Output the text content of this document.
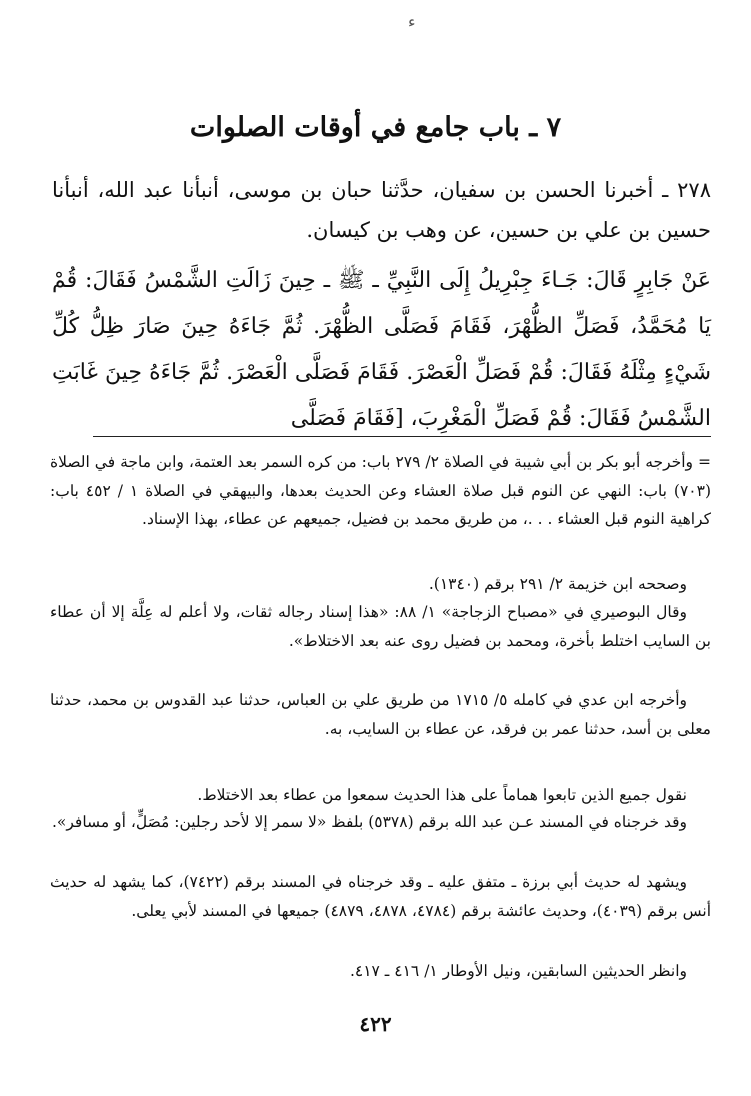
ﺀ
٧ ـ باب جامع في أوقات الصلوات
٢٧٨ ـ أخبرنا الحسن بن سفيان، حدَّثنا حبان بن موسى، أنبأنا عبد الله، أنبأنا حسين بن علي بن حسين، عن وهب بن كيسان.
عَنْ جَابِرٍ قَالَ: جَـاءَ جِبْرِيلُ إِلَى النَّبِيِّ ـ ﷺ ـ حِينَ زَالَتِ الشَّمْسُ فَقَالَ: قُمْ يَا مُحَمَّدُ، فَصَلِّ الظُّهْرَ، فَقَامَ فَصَلَّى الظُّهْرَ. ثُمَّ جَاءَهُ حِينَ صَارَ ظِلُّ كُلِّ شَيْءٍ مِثْلَهُ فَقَالَ: قُمْ فَصَلِّ الْعَصْرَ. فَقَامَ فَصَلَّى الْعَصْرَ. ثُمَّ جَاءَهُ حِينَ غَابَتِ الشَّمْسُ فَقَالَ: قُمْ فَصَلِّ الْمَغْرِبَ، [فَقَامَ فَصَلَّى

= وأخرجه أبو بكر بن أبي شيبة في الصلاة ٢/ ٢٧٩ باب: من كره السمر بعد العتمة، وابن ماجة في الصلاة (٧٠٣) باب: النهي عن النوم قبل صلاة العشاء وعن الحديث بعدها، والبيهقي في الصلاة ١ / ٤٥٢ باب: كراهية النوم قبل العشاء . . .، من طريق محمد بن فضيل، جميعهم عن عطاء، بهذا الإسناد.

وصححه ابن خزيمة ٢/ ٢٩١ برقم (١٣٤٠).

وقال البوصيري في «مصباح الزجاجة» ١/ ٨٨: «هذا إسناد رجاله ثقات، ولا أعلم له عِلَّة إلا أن عطاء بن السايب اختلط بأخرة، ومحمد بن فضيل روى عنه بعد الاختلاط».

وأخرجه ابن عدي في كامله ٥/ ١٧١٥ من طريق علي بن العباس، حدثنا عبد القدوس بن محمد، حدثنا معلى بن أسد، حدثنا عمر بن فرقد، عن عطاء بن السايب، به.

نقول جميع الذين تابعوا هماماً على هذا الحديث سمعوا من عطاء بعد الاختلاط.

وقد خرجناه في المسند عـن عبد الله برقم (٥٣٧٨) بلفظ «لا سمر إلا لأحد رجلين: مُصَلٍّ، أو مسافر».

ويشهد له حديث أبي برزة ـ متفق عليه ـ وقد خرجناه في المسند برقم (٧٤٢٢)، كما يشهد له حديث أنس برقم (٤٠٣٩)، وحديث عائشة برقم (٤٧٨٤، ٤٨٧٨، ٤٨٧٩) جميعها في المسند لأبي يعلى.

وانظر الحديثين السابقين، ونيل الأوطار ١/ ٤١٦ ـ ٤١٧.

٤٢٢
